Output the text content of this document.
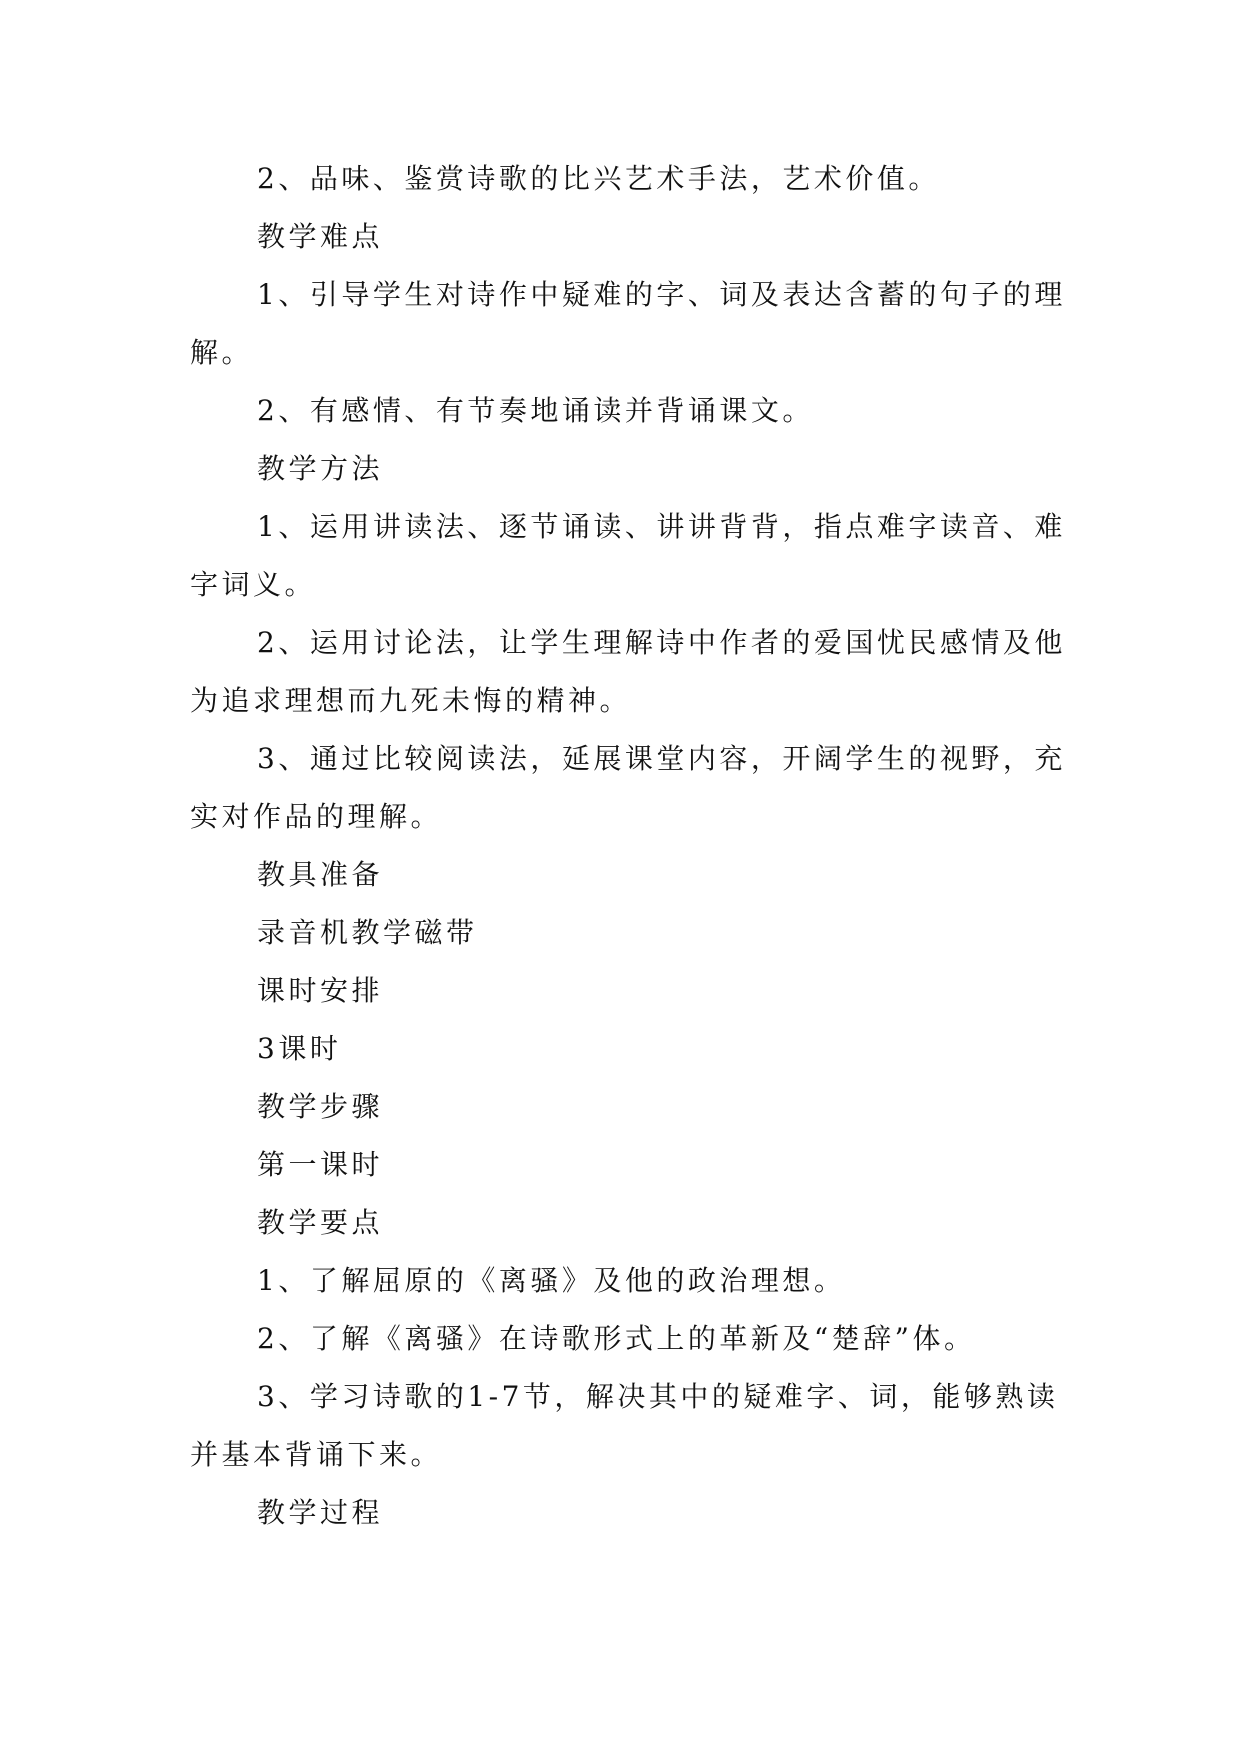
2、品味、鉴赏诗歌的比兴艺术手法，艺术价值。

教学难点

1、引导学生对诗作中疑难的字、词及表达含蓄的句子的理解。

2、有感情、有节奏地诵读并背诵课文。

教学方法

1、运用讲读法、逐节诵读、讲讲背背，指点难字读音、难字词义。

2、运用讨论法，让学生理解诗中作者的爱国忧民感情及他为追求理想而九死未悔的精神。

3、通过比较阅读法，延展课堂内容，开阔学生的视野，充实对作品的理解。

教具准备

录音机教学磁带

课时安排

3课时

教学步骤

第一课时

教学要点

1、了解屈原的《离骚》及他的政治理想。

2、了解《离骚》在诗歌形式上的革新及“楚辞”体。

3、学习诗歌的1-7节，解决其中的疑难字、词，能够熟读并基本背诵下来。

教学过程
